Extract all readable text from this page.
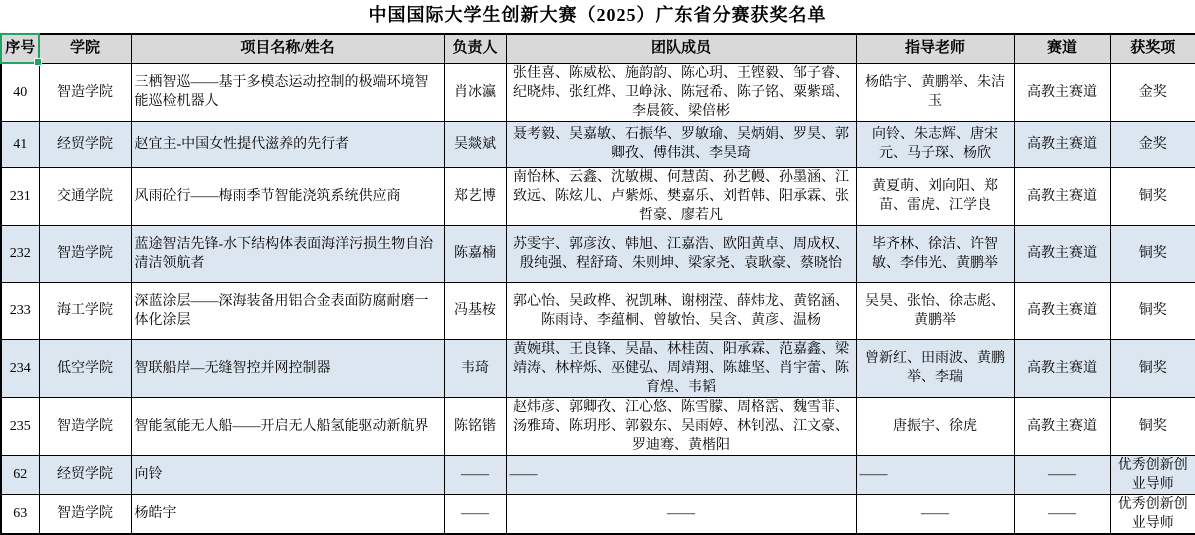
中国国际大学生创新大赛（2025）广东省分赛获奖名单
序号	学院	项目名称/姓名	负责人	团队成员	指导老师	赛道	获奖项
40	智造学院	三栖智巡——基于多模态运动控制的极端环境智能巡检机器人	肖冰瀛	张佳喜、陈威松、施韵韵、陈心玥、王铿毅、邹子睿、纪晓炜、张红烨、卫峥泳、陈冠希、陈子铭、粟紫瑶、李晨筱、梁倍彬	杨皓宇、黄鹏举、朱洁玉	高教主赛道	金奖
41	经贸学院	赵宜主-中国女性提代滋养的先行者	吴燚斌	聂考毅、吴嘉敏、石振华、罗敏瑜、吴炳娟、罗昊、郭卿孜、傅伟淇、李昊琦	向铃、朱志辉、唐宋元、马子琛、杨欣	高教主赛道	金奖
231	交通学院	风雨砼行——梅雨季节智能浇筑系统供应商	郑艺博	南怡林、云鑫、沈敏槻、何慧茵、孙艺幔、孙墨涵、江致远、陈炫儿、卢紫烁、樊嘉乐、刘哲韩、阳承霖、张哲豪、廖若凡	黄夏萌、刘向阳、郑苗、雷虎、江学良	高教主赛道	铜奖
232	智造学院	蓝途智洁先锋-水下结构体表面海洋污损生物自治清洁领航者	陈嘉楠	苏雯宇、郭彦汝、韩旭、江嘉浩、欧阳黄卓、周成权、殷纯强、程舒琦、朱则坤、梁家尧、袁耿豪、蔡晓怡	毕齐林、徐洁、许智敏、李伟光、黄鹏举	高教主赛道	铜奖
233	海工学院	深蓝涂层——深海装备用铝合金表面防腐耐磨一体化涂层	冯基桉	郭心怡、吴政桦、祝凯琳、谢栩滢、薛炜龙、黄铭涵、陈雨诗、李蕴桐、曾敏怡、吴含、黄彦、温杨	吴昊、张怡、徐志彪、黄鹏举	高教主赛道	铜奖
234	低空学院	智联船岸—无缝智控并网控制器	韦琦	黄婉琪、王良锋、吴晶、林桂茵、阳承霖、范嘉鑫、梁靖涛、林梓烁、巫健弘、周靖翔、陈雄坚、肖宇蕾、陈育煌、韦韬	曾新红、田雨波、黄鹏举、李瑞	高教主赛道	铜奖
235	智造学院	智能氢能无人船——开启无人船氢能驱动新航界	陈铭锴	赵炜彦、郭卿孜、江心悠、陈雪朦、周格霑、魏雪菲、汤雅琦、陈玥彤、郭毅东、吴雨婷、林钊泓、江文豪、罗迪骞、黄楷阳	唐振宇、徐虎	高教主赛道	铜奖
62	经贸学院	向铃	——	——	——	——	优秀创新创业导师
63	智造学院	杨皓宇	——	——	——	——	优秀创新创业导师
